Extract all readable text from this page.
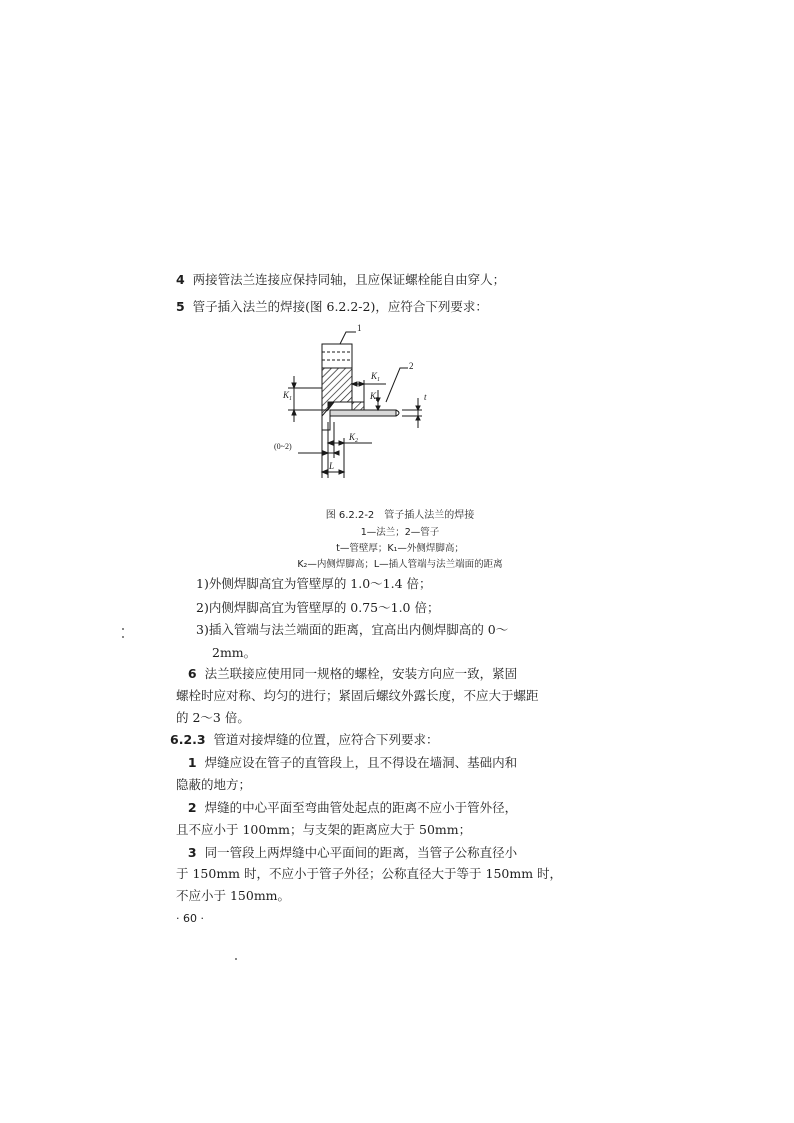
4 两接管法兰连接应保持同轴，且应保证螺栓能自由穿人；
5 管子插入法兰的焊接(图 6.2.2-2)，应符合下列要求：
1
2
$K_1$
$K_1$	$K_2$	t
(0~2)
$K_2$
L
图 6.2.2-2　管子插人法兰的焊接
1—法兰；2—管子
t—管壁厚；K₁—外侧焊脚高；
K₂—内侧焊脚高；L—插人管端与法兰端面的距离
1)外侧焊脚高宜为管壁厚的 1.0～1.4 倍；
2)内侧焊脚高宜为管壁厚的 0.75～1.0 倍；
3)插入管端与法兰端面的距离，宜高出内侧焊脚高的 0～
2mm。
6 法兰联接应使用同一规格的螺栓，安装方向应一致，紧固
螺栓时应对称、均匀的进行；紧固后螺纹外露长度，不应大于螺距
的 2～3 倍。
6.2.3 管道对接焊缝的位置，应符合下列要求：
1 焊缝应设在管子的直管段上，且不得设在墙洞、基础内和
隐蔽的地方；
2 焊缝的中心平面至弯曲管处起点的距离不应小于管外径，
且不应小于 100mm；与支架的距离应大于 50mm；
3 同一管段上两焊缝中心平面间的距离，当管子公称直径小
于 150mm 时，不应小于管子外径；公称直径大于等于 150mm 时，
不应小于 150mm。
· 60 ·
